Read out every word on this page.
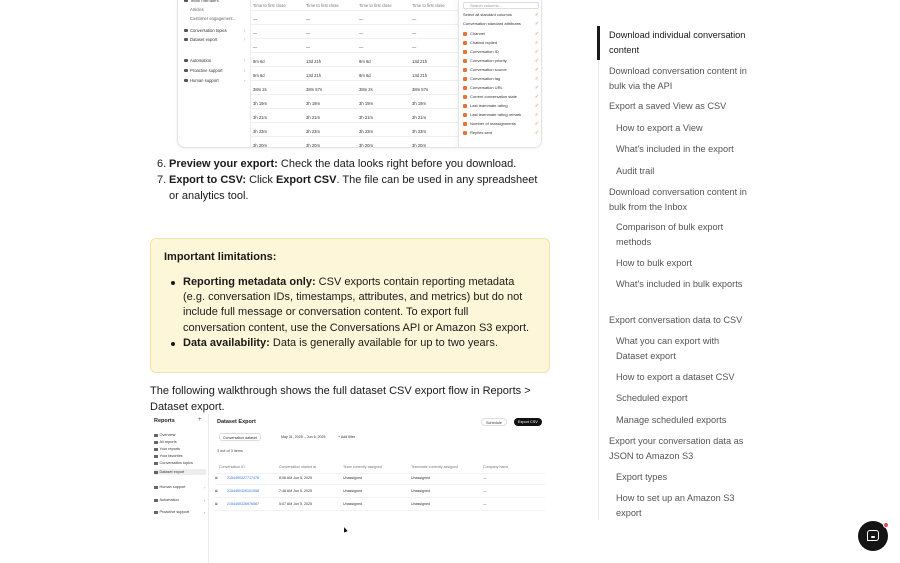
Team members
Articles
Customer engagement...
Conversation topics	›
Dataset export	›
Automation	›
Proactive support	›
Human support	›
Time to first close	Time to first close	Time to first close	Time to first close
—	—	—	—
—	—	—	—
—	—	—	—
9m 6d	13d 21h	9m 6d	13d 21h
9m 6d	13d 21h	9m 6d	13d 21h
38m 2s	38m 57s	38m 2s	38m 57s
3h 19m	3h 19m	3h 19m	3h 19m
3h 21m	3h 21m	3h 21m	3h 21m
3h 23m	3h 23m	3h 23m	3h 23m
3h 20m	3h 20m	3h 20m	3h 20m
Search columns...
Select all standard columns	✓
Conversation standard attributes	✓
Channel	✓
Chatbot replied	✓
Conversation ID	✓
Conversation priority	✓
Conversation source	✓
Conversation tag	✓
Conversation URL	✓
Current conversation state	✓
Last teammate rating	✓
Last teammate rating remark	✓
Number of reassignments	✓
Replies sent	✓
6. Preview your export: Check the data looks right before you download.
7. Export to CSV: Click Export CSV. The file can be used in any spreadsheet or analytics tool.
Important limitations:
Reporting metadata only: CSV exports contain reporting metadata (e.g. conversation IDs, timestamps, attributes, and metrics) but do not include full message or conversation content. To export full conversation content, use the Conversations API or Amazon S3 export.
Data availability: Data is generally available for up to two years.
The following walkthrough shows the full dataset CSV export flow in Reports > Dataset export.
Reports	+
Overview
All reports
Your reports
Your favorites
Conversation topics
Dataset export
Human support	›
Automation	›
Proactive support	›
Dataset Export	Schedule	Export CSV
Conversation dataset	May 31, 2025 – Jun 6, 2025	+ Add filter
3 out of 3 items
Conversation ID	Conversation started at	Team currently assigned	Teammate currently assigned	Company name
2154450327717478	8:06 AM Jun 5, 2025	Unassigned	Unassigned	—
⧉
2154450326101058	7:48 AM Jun 5, 2025	Unassigned	Unassigned	—
⧉
2154450326976587	5:07 AM Jun 5, 2025	Unassigned	Unassigned	—
⧉
Download individual conversation content
Download conversation content in bulk via the API
Export a saved View as CSV
How to export a View
What's included in the export
Audit trail
Download conversation content in bulk from the Inbox
Comparison of bulk export methods
How to bulk export
What's included in bulk exports
Export conversation data to CSV
What you can export with Dataset export
How to export a dataset CSV
Scheduled export
Manage scheduled exports
Export your conversation data as JSON to Amazon S3
Export types
How to set up an Amazon S3 export
